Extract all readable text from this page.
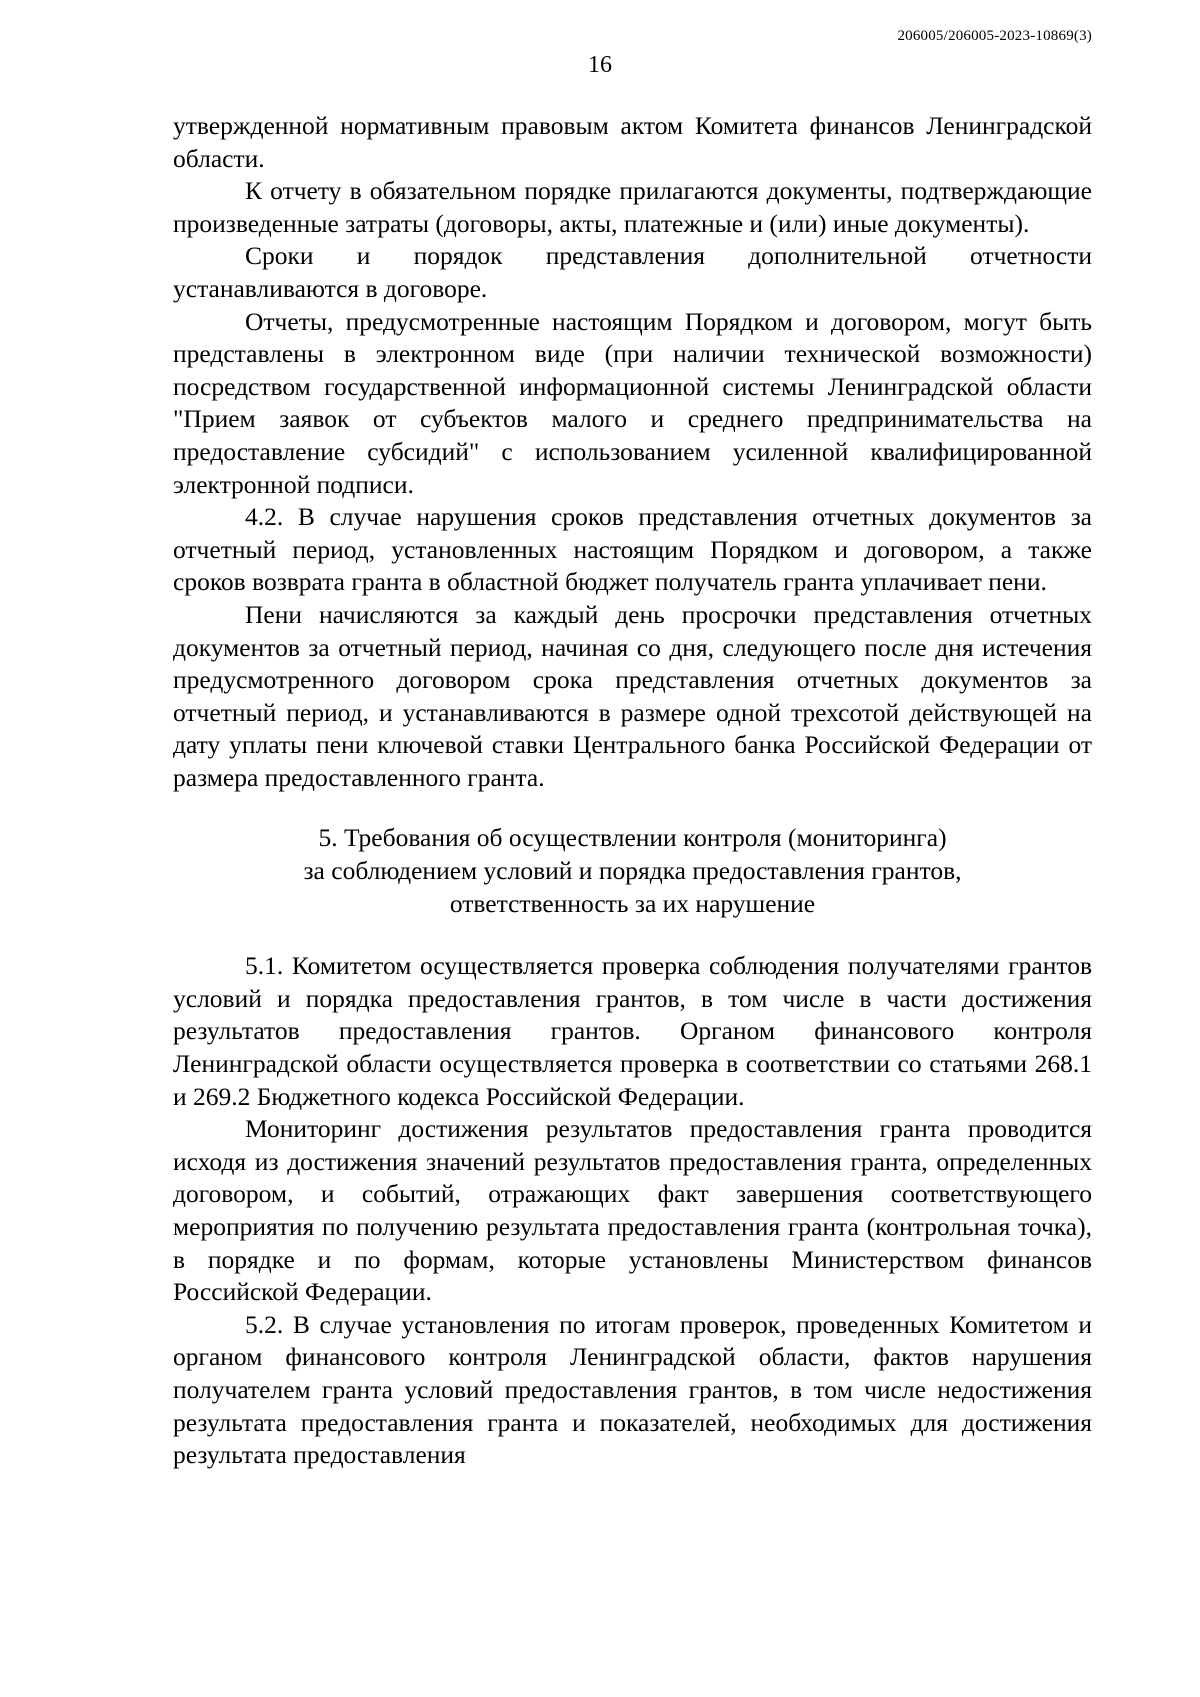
206005/206005-2023-10869(3)
16

утвержденной нормативным правовым актом Комитета финансов Ленинградской области.

К отчету в обязательном порядке прилагаются документы, подтверждающие произведенные затраты (договоры, акты, платежные и (или) иные документы).

Сроки и порядок представления дополнительной отчетности устанавливаются в договоре.

Отчеты, предусмотренные настоящим Порядком и договором, могут быть представлены в электронном виде (при наличии технической возможности) посредством государственной информационной системы Ленинградской области "Прием заявок от субъектов малого и среднего предпринимательства на предоставление субсидий" с использованием усиленной квалифицированной электронной подписи.

4.2. В случае нарушения сроков представления отчетных документов за отчетный период, установленных настоящим Порядком и договором, а также сроков возврата гранта в областной бюджет получатель гранта уплачивает пени.

Пени начисляются за каждый день просрочки представления отчетных документов за отчетный период, начиная со дня, следующего после дня истечения предусмотренного договором срока представления отчетных документов за отчетный период, и устанавливаются в размере одной трехсотой действующей на дату уплаты пени ключевой ставки Центрального банка Российской Федерации от размера предоставленного гранта.

5. Требования об осуществлении контроля (мониторинга)
за соблюдением условий и порядка предоставления грантов,
ответственность за их нарушение

5.1. Комитетом осуществляется проверка соблюдения получателями грантов условий и порядка предоставления грантов, в том числе в части достижения результатов предоставления грантов. Органом финансового контроля Ленинградской области осуществляется проверка в соответствии со статьями 268.1 и 269.2 Бюджетного кодекса Российской Федерации.

Мониторинг достижения результатов предоставления гранта проводится исходя из достижения значений результатов предоставления гранта, определенных договором, и событий, отражающих факт завершения соответствующего мероприятия по получению результата предоставления гранта (контрольная точка), в порядке и по формам, которые установлены Министерством финансов Российской Федерации.

5.2. В случае установления по итогам проверок, проведенных Комитетом и органом финансового контроля Ленинградской области, фактов нарушения получателем гранта условий предоставления грантов, в том числе недостижения результата предоставления гранта и показателей, необходимых для достижения результата предоставления
